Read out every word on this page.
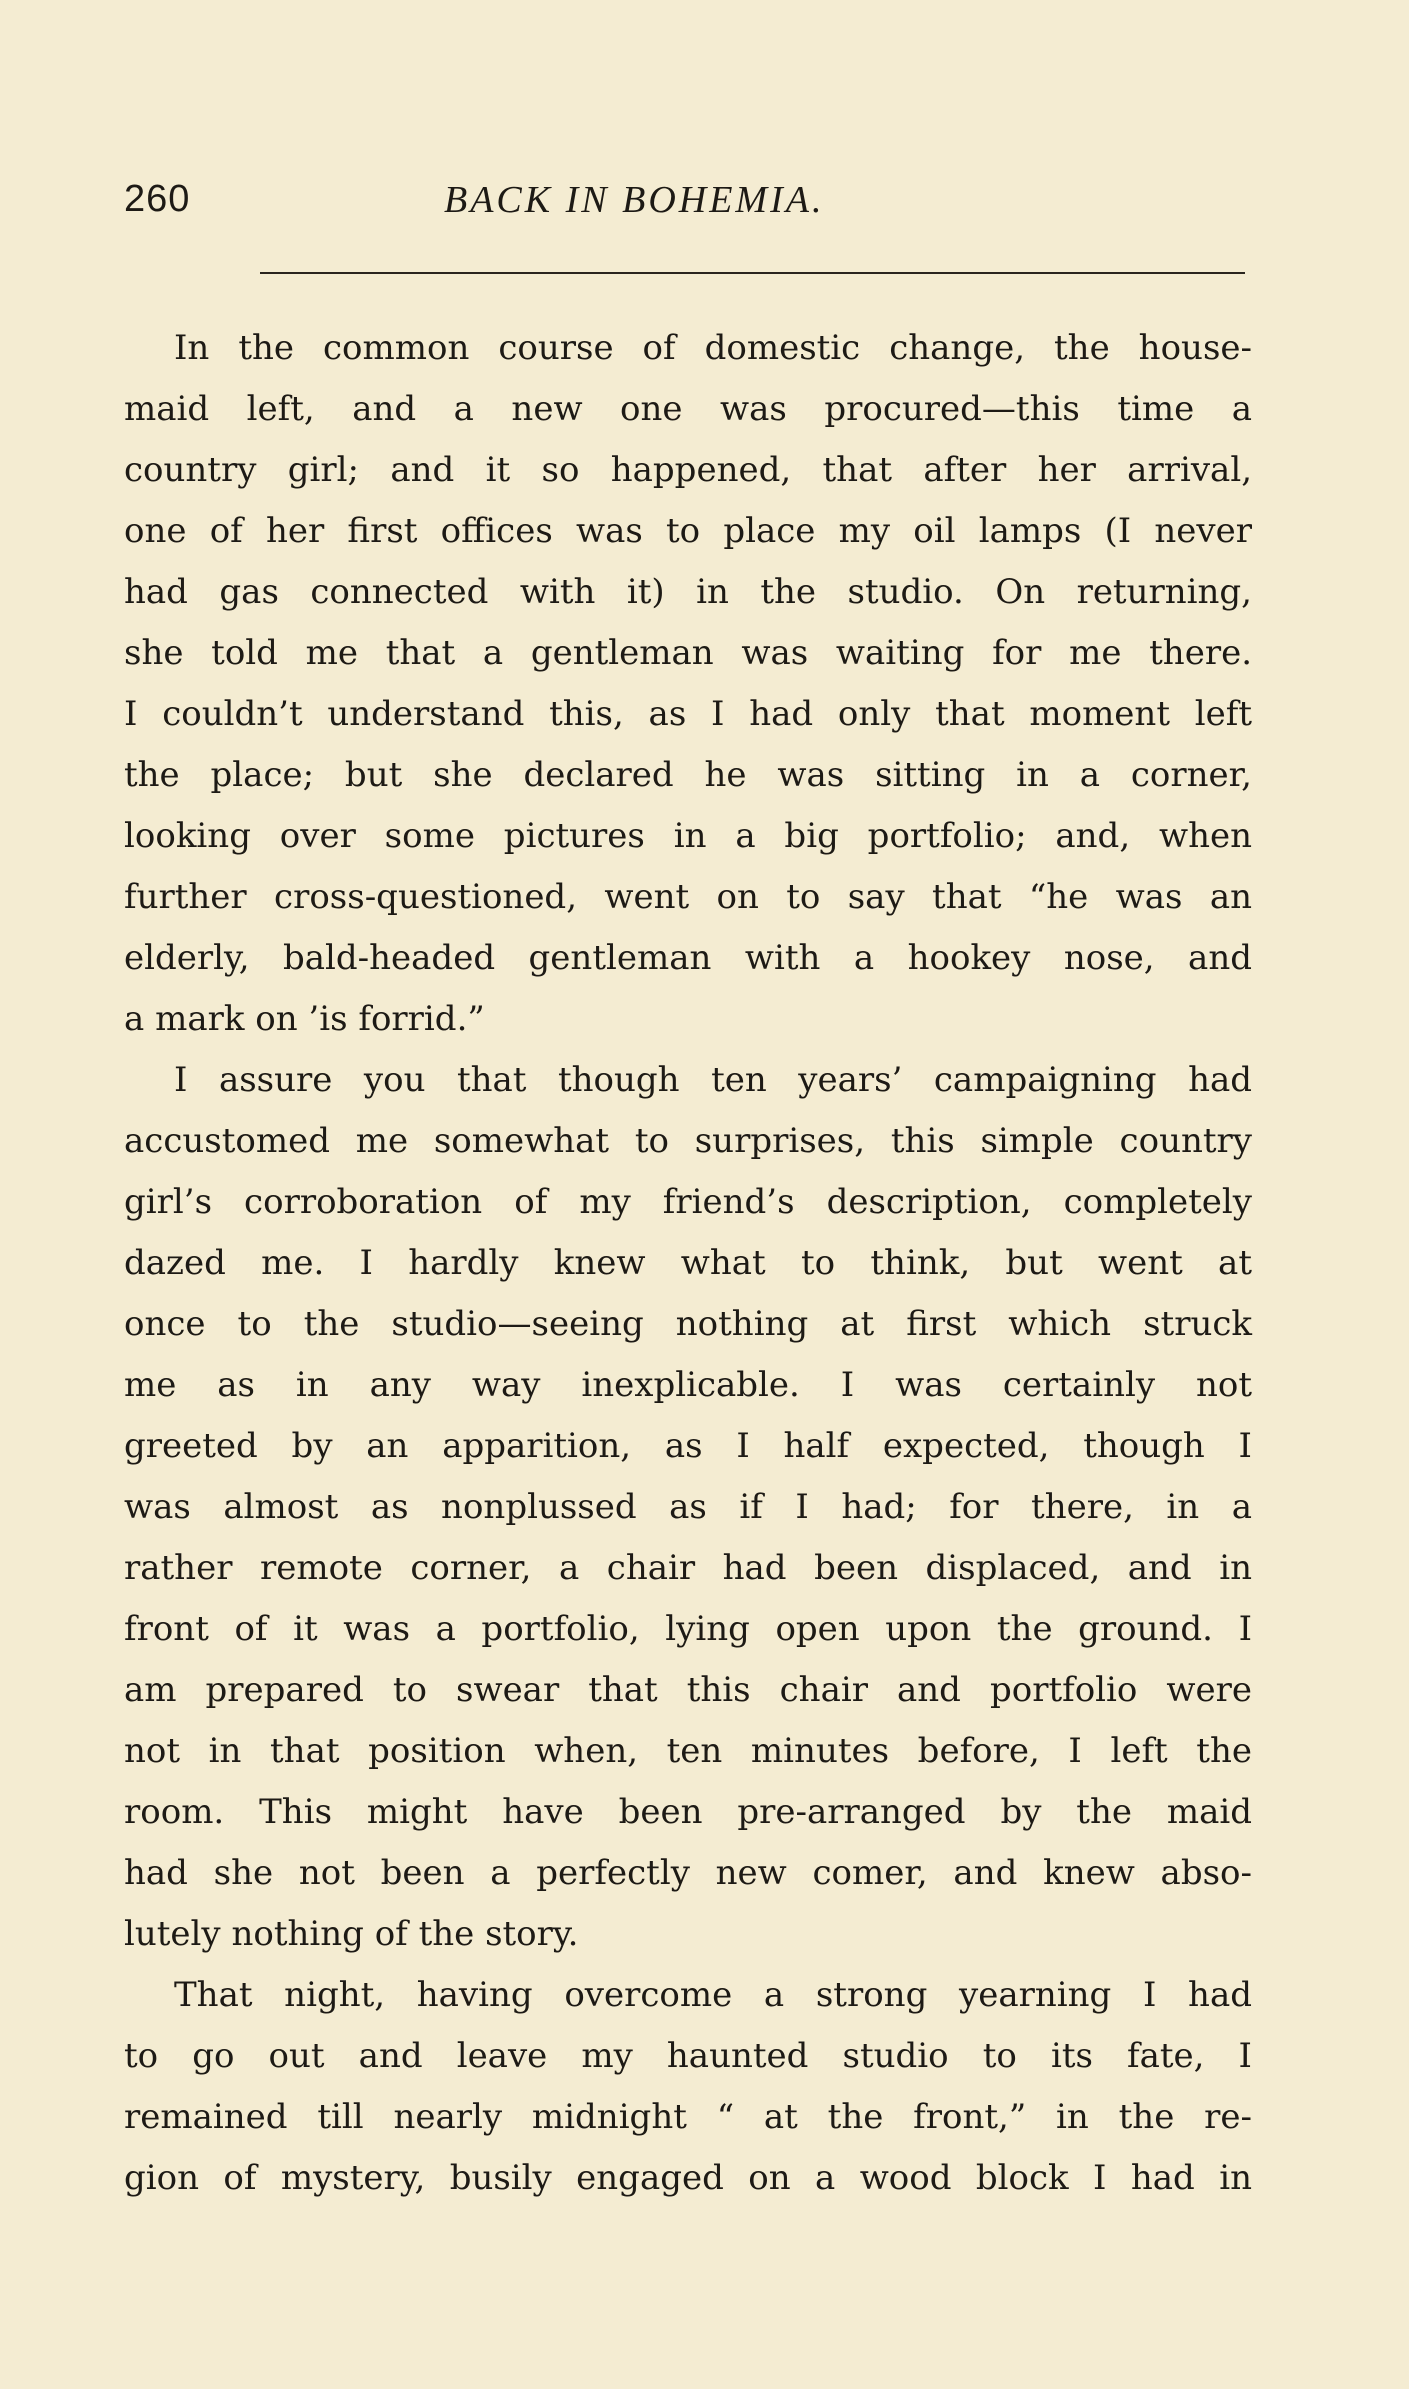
260	BACK IN BOHEMIA.
In the common course of domestic change, the house-
maid left, and a new one was procured—this time a
country girl; and it so happened, that after her arrival,
one of her first offices was to place my oil lamps (I never
had gas connected with it) in the studio. On returning,
she told me that a gentleman was waiting for me there.
I couldn’t understand this, as I had only that moment left
the place; but she declared he was sitting in a corner,
looking over some pictures in a big portfolio; and, when
further cross-questioned, went on to say that “he was an
elderly, bald-headed gentleman with a hookey nose, and
a mark on ’is forrid.”
I assure you that though ten years’ campaigning had
accustomed me somewhat to surprises, this simple country
girl’s corroboration of my friend’s description, completely
dazed me. I hardly knew what to think, but went at
once to the studio—seeing nothing at first which struck
me as in any way inexplicable. I was certainly not
greeted by an apparition, as I half expected, though I
was almost as nonplussed as if I had; for there, in a
rather remote corner, a chair had been displaced, and in
front of it was a portfolio, lying open upon the ground. I
am prepared to swear that this chair and portfolio were
not in that position when, ten minutes before, I left the
room. This might have been pre-arranged by the maid
had she not been a perfectly new comer, and knew abso-
lutely nothing of the story.
That night, having overcome a strong yearning I had
to go out and leave my haunted studio to its fate, I
remained till nearly midnight “ at the front,” in the re-
gion of mystery, busily engaged on a wood block I had in
